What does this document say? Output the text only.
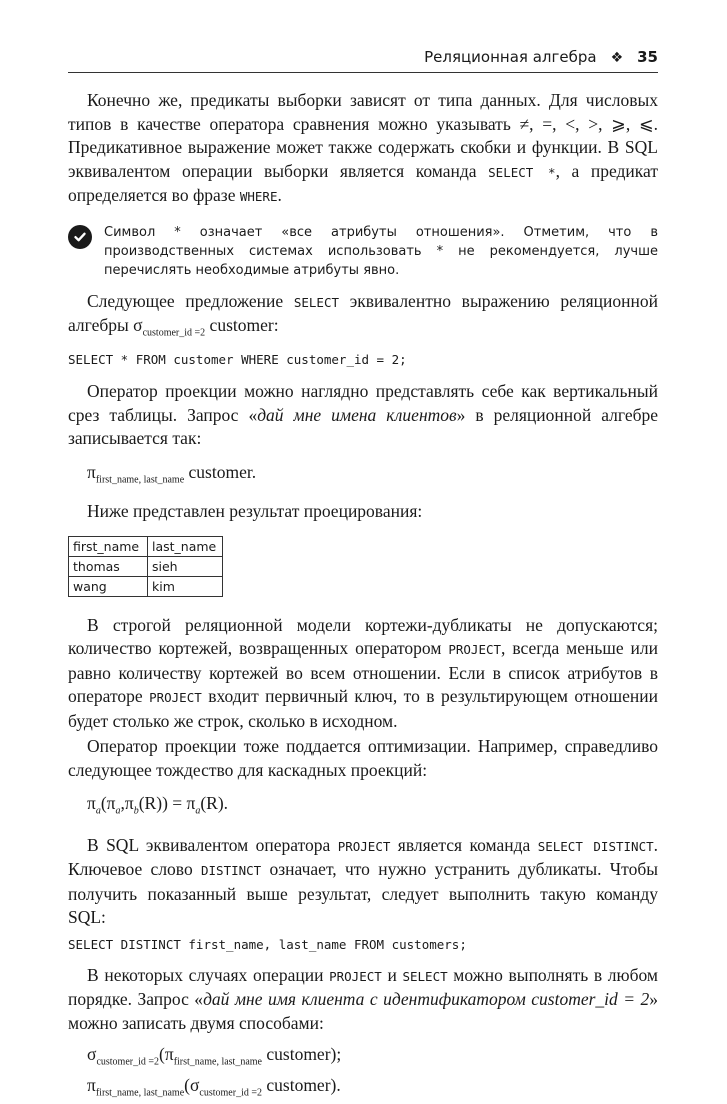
Реляционная алгебра ❖ 35

Конечно же, предикаты выборки зависят от типа данных. Для числовых типов в качестве оператора сравнения можно указывать ≠, =, <, >, ⩾, ⩽. Предикативное выражение может также содержать скобки и функции. В SQL эквивалентом операции выборки является команда SELECT *, а предикат определяется во фразе WHERE.

Символ * означает «все атрибуты отношения». Отметим, что в производственных системах использовать * не рекомендуется, лучше перечислять необходимые атрибуты явно.

Следующее предложение SELECT эквивалентно выражению реляционной алгебры $\sigma_{customer\_id =2}$ customer:

SELECT * FROM customer WHERE customer_id = 2;

Оператор проекции можно наглядно представлять себе как вертикальный срез таблицы. Запрос «дай мне имена клиентов» в реляционной алгебре записывается так:

$\pi_{first\_name, last\_name}$ customer.

Ниже представлен результат проецирования:

first_name	last_name
thomas	sieh
wang	kim

В строгой реляционной модели кортежи-дубликаты не допускаются; количество кортежей, возвращенных оператором PROJECT, всегда меньше или равно количеству кортежей во всем отношении. Если в список атрибутов в операторе PROJECT входит первичный ключ, то в результирующем отношении будет столько же строк, сколько в исходном.

Оператор проекции тоже поддается оптимизации. Например, справедливо следующее тождество для каскадных проекций:

$\pi_a(\pi_a,\pi_b(R)) = \pi_a(R)$.

В SQL эквивалентом оператора PROJECT является команда SELECT DISTINCT. Ключевое слово DISTINCT означает, что нужно устранить дубликаты. Чтобы получить показанный выше результат, следует выполнить такую команду SQL:

SELECT DISTINCT first_name, last_name FROM customers;

В некоторых случаях операции PROJECT и SELECT можно выполнять в любом порядке. Запрос «дай мне имя клиента с идентификатором customer_id = 2» можно записать двумя способами:

$\sigma_{customer\_id =2}(\pi_{first\_name, last\_name}$ customer);
$\pi_{first\_name, last\_name}(\sigma_{customer\_id =2}$ customer).
